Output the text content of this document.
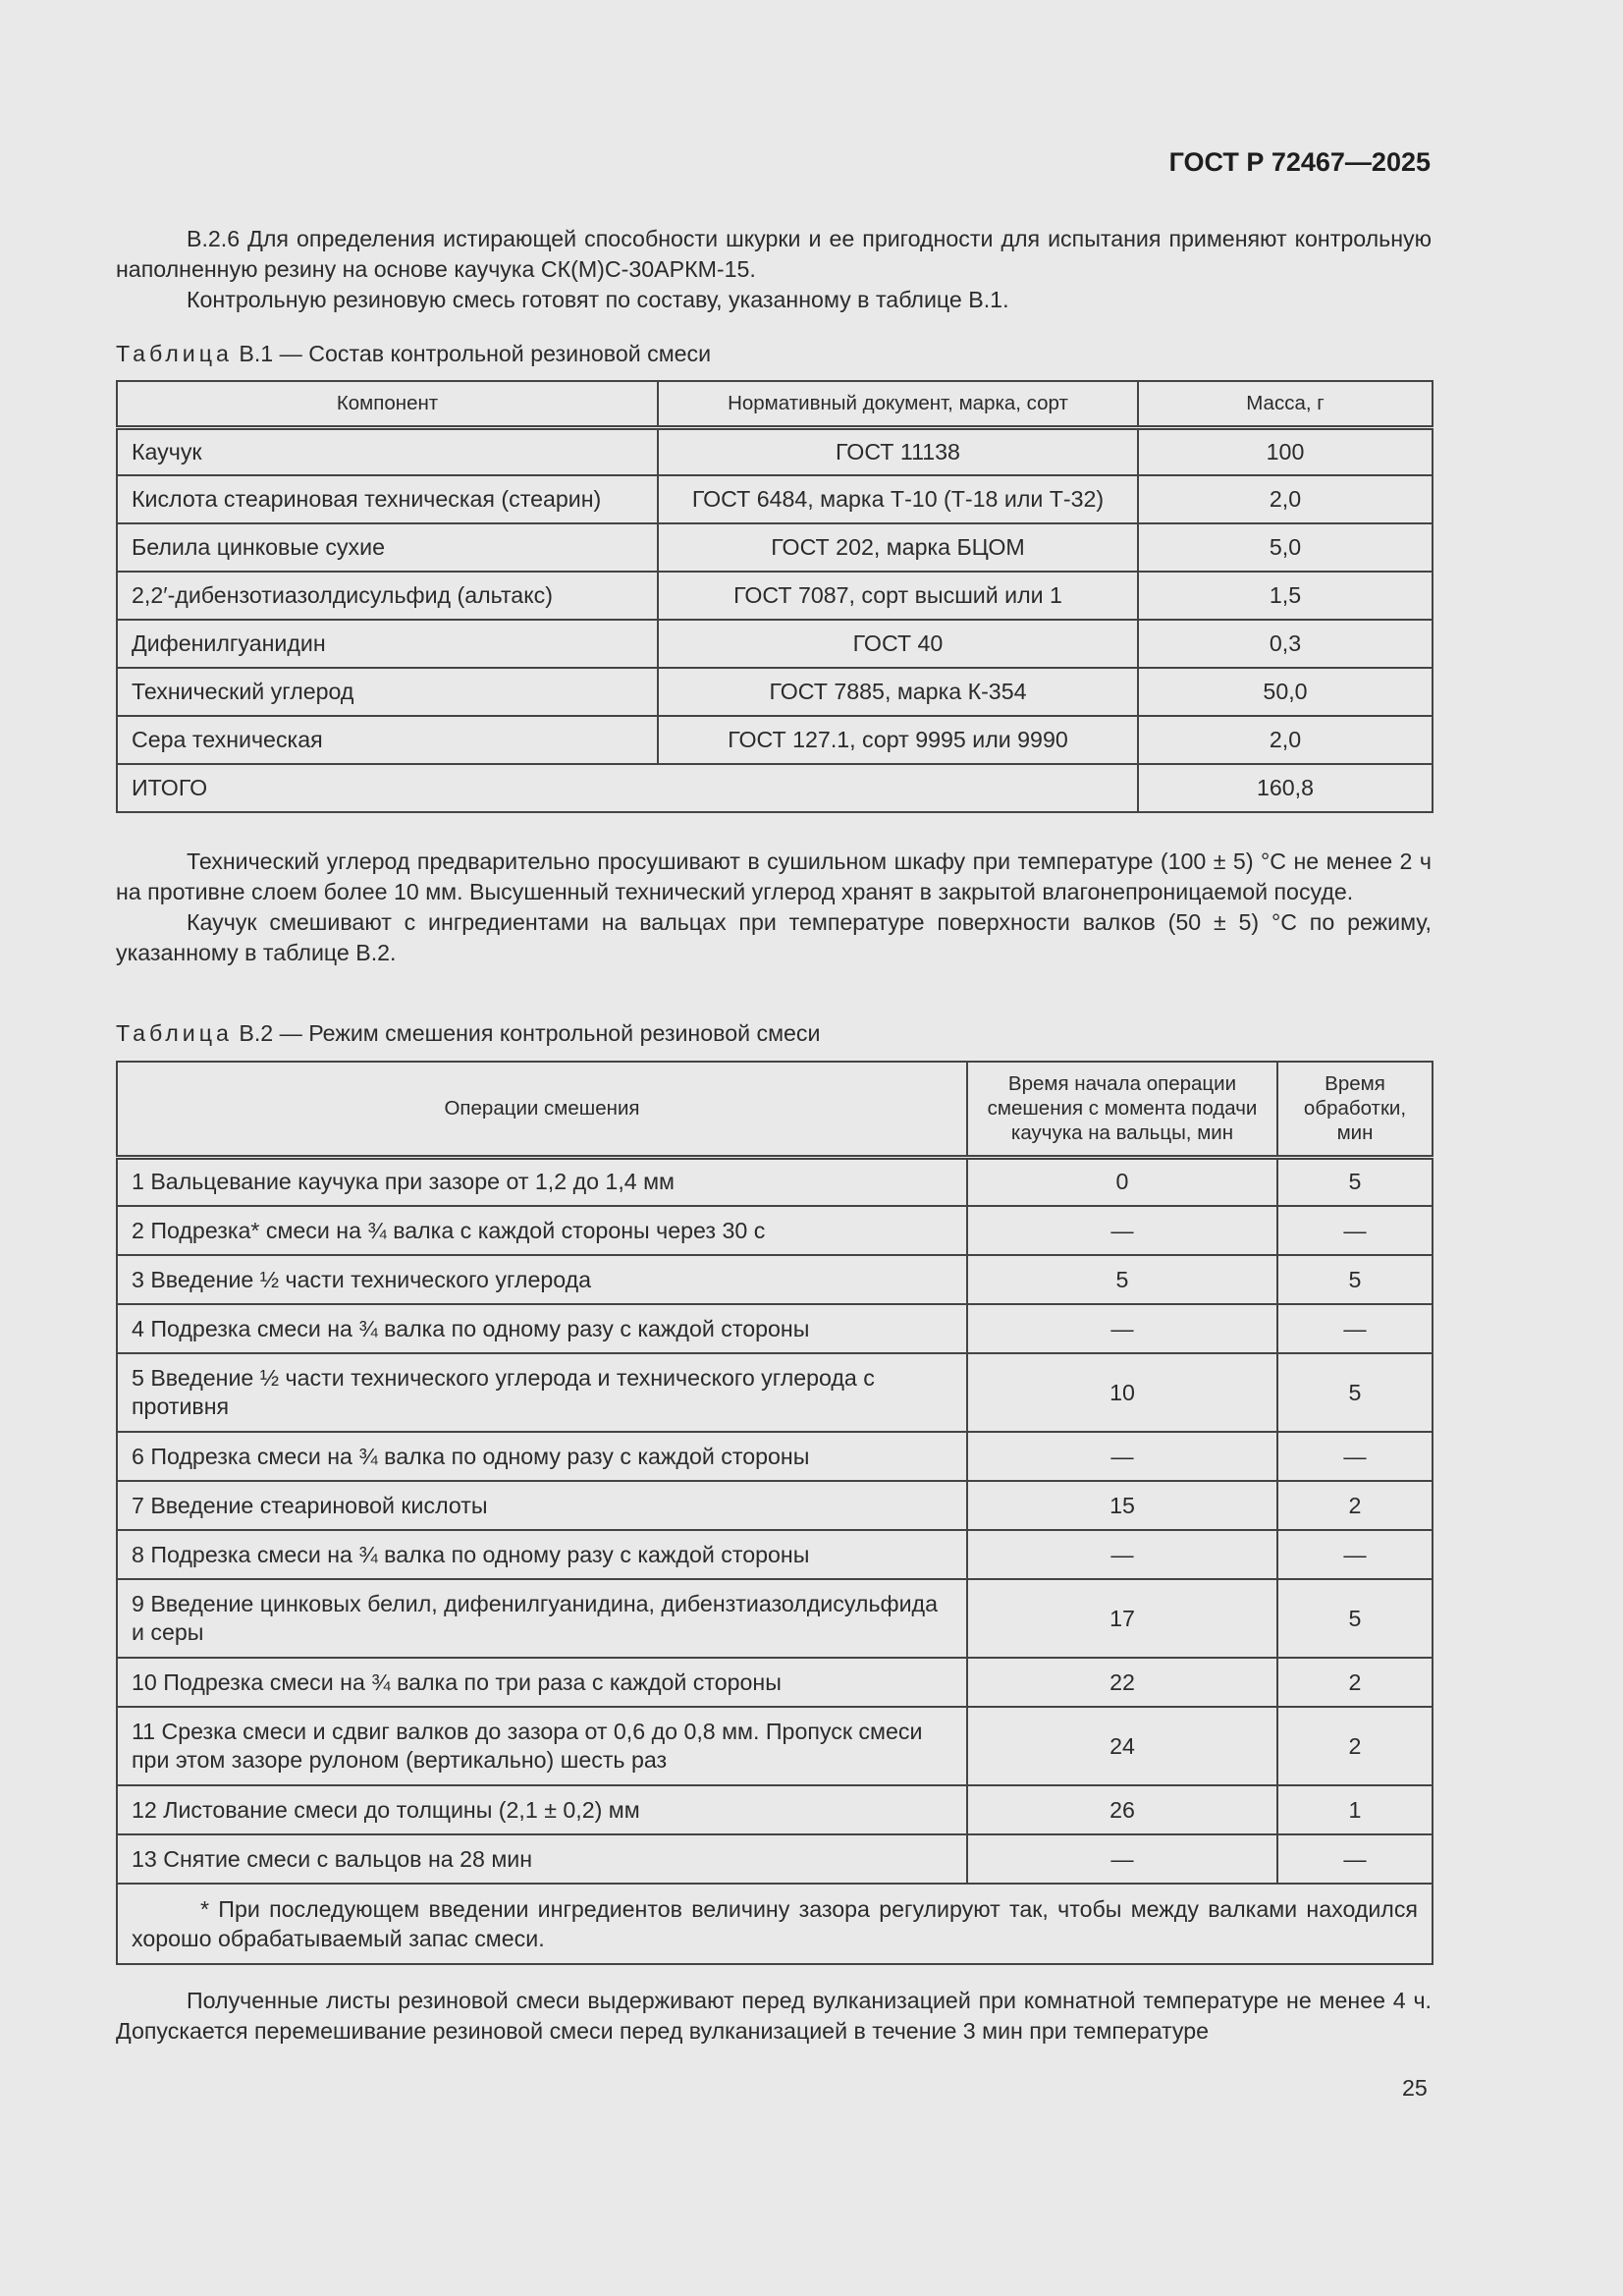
ГОСТ Р 72467—2025

В.2.6 Для определения истирающей способности шкурки и ее пригодности для испытания применяют контрольную наполненную резину на основе каучука СК(М)С-30АРКМ-15.

Контрольную резиновую смесь готовят по составу, указанному в таблице В.1.

Таблица В.1 — Состав контрольной резиновой смеси
Компонент	Нормативный документ, марка, сорт	Масса, г
Каучук	ГОСТ 11138	100
Кислота стеариновая техническая (стеарин)	ГОСТ 6484, марка Т-10 (Т-18 или Т-32)	2,0
Белила цинковые сухие	ГОСТ 202, марка БЦОМ	5,0
2,2′-дибензотиазолдисульфид (альтакс)	ГОСТ 7087, сорт высший или 1	1,5
Дифенилгуанидин	ГОСТ 40	0,3
Технический углерод	ГОСТ 7885, марка К-354	50,0
Сера техническая	ГОСТ 127.1, сорт 9995 или 9990	2,0
ИТОГО		160,8

Технический углерод предварительно просушивают в сушильном шкафу при температуре (100 ± 5) °С не менее 2 ч на противне слоем более 10 мм. Высушенный технический углерод хранят в закрытой влагонепроницаемой посуде.

Каучук смешивают с ингредиентами на вальцах при температуре поверхности валков (50 ± 5) °С по режиму, указанному в таблице В.2.

Таблица В.2 — Режим смешения контрольной резиновой смеси
Операции смешения	Время начала операции смешения с момента подачи каучука на вальцы, мин	Время обработки, мин
1 Вальцевание каучука при зазоре от 1,2 до 1,4 мм	0	5
2 Подрезка* смеси на ¾ валка с каждой стороны через 30 с	—	—
3 Введение ½ части технического углерода	5	5
4 Подрезка смеси на ¾ валка по одному разу с каждой стороны	—	—
5 Введение ½ части технического углерода и технического углерода с противня	10	5
6 Подрезка смеси на ¾ валка по одному разу с каждой стороны	—	—
7 Введение стеариновой кислоты	15	2
8 Подрезка смеси на ¾ валка по одному разу с каждой стороны	—	—
9 Введение цинковых белил, дифенилгуанидина, дибензтиазолдисульфида и серы	17	5
10 Подрезка смеси на ¾ валка по три раза с каждой стороны	22	2
11 Срезка смеси и сдвиг валков до зазора от 0,6 до 0,8 мм. Пропуск смеси при этом зазоре рулоном (вертикально) шесть раз	24	2
12 Листование смеси до толщины (2,1 ± 0,2) мм	26	1
13 Снятие смеси с вальцов на 28 мин	—	—
* При последующем введении ингредиентов величину зазора регулируют так, чтобы между валками находился хорошо обрабатываемый запас смеси.		

Полученные листы резиновой смеси выдерживают перед вулканизацией при комнатной температуре не менее 4 ч. Допускается перемешивание резиновой смеси перед вулканизацией в течение 3 мин при температуре

25
